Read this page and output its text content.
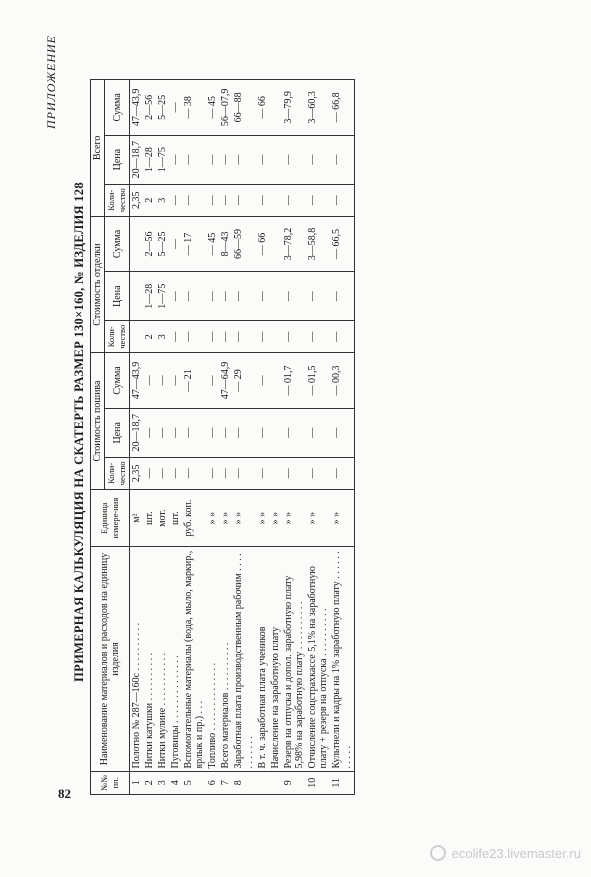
82
ПРИЛОЖЕНИЕ
ПРИМЕРНАЯ КАЛЬКУЛЯЦИЯ НА СКАТЕРТЬ РАЗМЕР 130×160, № ИЗДЕЛИЯ 128
№№ пп.	Наименование материалов и расходов на единицу изделия	Единица измере-ния	Стоимость пошива			Стоимость отделки			Всего		
			Коли-чество	Цена	Сумма	Коли-чество	Цена	Сумма	Коли-чество	Цена	Сумма
1	Полотно № 287—160с . . . . . . . . . .	м²	2,35	20—18,7	47—43,9				2,35	20—18,7	47—43,9
2	Нитки катушки . . . . . . . . . .	шт.	—	—	—	2	1—28	2—56	2	1—28	2—56
3	Нитки мулине . . . . . . . . . . .	мот.	—	—	—	3	1—75	5—25	3	1—75	5—25
4	Пуговицы . . . . . . . . . . . . . .	шт.	—	—	—	—	—	—	—	—	—
5	Вспомогательные материалы (вода, мыло, маркир., ярлык и пр.) . . .	руб. коп.	—	—	— 21	—	—	— 17	—	—	— 38
6	Топливо . . . . . . . . . . . . . .	» »	—	—	—	—	—	— 45	—	—	— 45
7	Всего материалов . . . . . . . . . .	» »	—	—	47—64,9	—	—	8—43	—	—	56—07,9
8	Заработная плата производственным рабочим . . . . . . . . . . .	» »	—	—	— 29	—	—	66—59	—	—	66—88
	В т. ч. заработная плата учеников	» »	—	—	—	—	—	— 66	—	—	— 66
	Начисление на заработную плату	» »									
9	Резерв на отпуска и допол. заработную плату 5,98% на заработную плату . . . . . . . . . .	» »	—	—	— 01,7	—	—	3—78,2	—	—	3—79,9
10	Отчисление соцстрахкассе 5,1% на заработную плату + резерв на отпуска . . . . . . . . . .	» »	—	—	— 01,5	—	—	3—58,8	—	—	3—60,3
11	Культнели и кадры на 1% заработную плату . . . . . . . . . . .	» »	—	—	— 00,3	—	—	— 66,5	—	—	— 66,8
ecolife23.livemaster.ru
